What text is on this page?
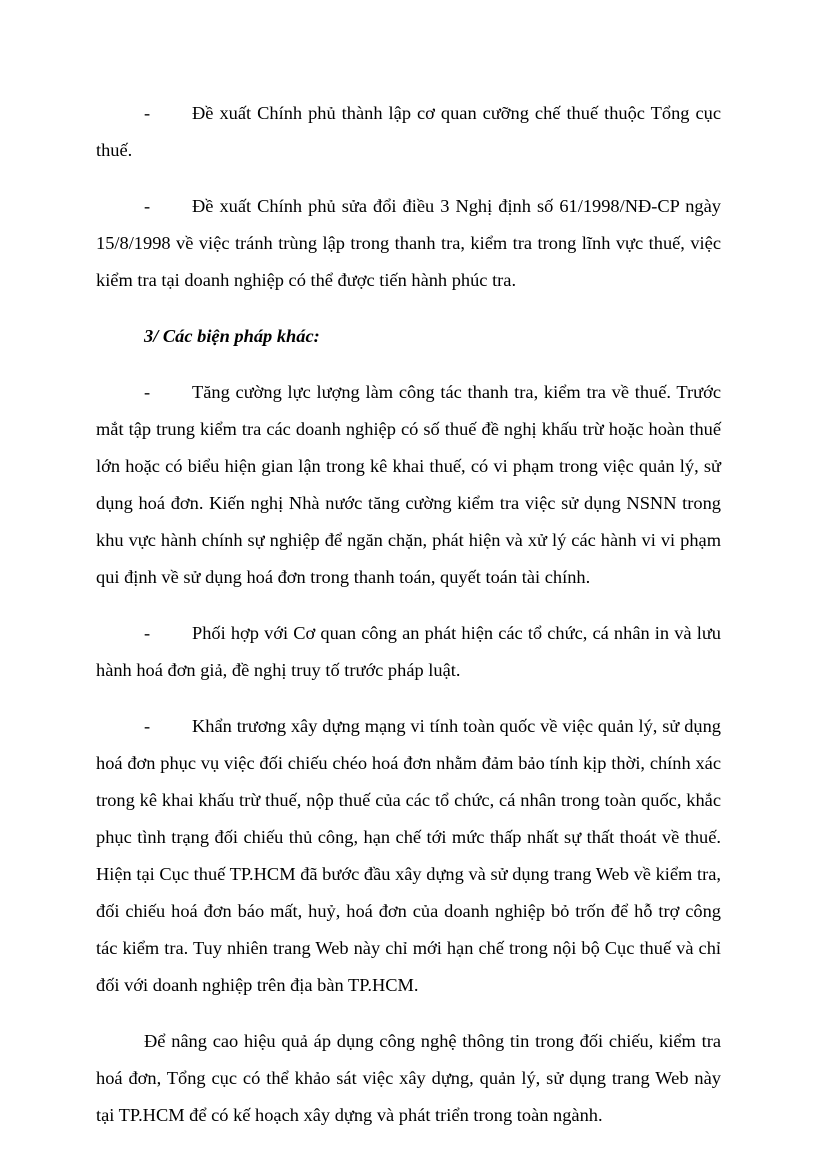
- Đề xuất Chính phủ thành lập cơ quan cưỡng chế thuế thuộc Tổng cục thuế.

- Đề xuất Chính phủ sửa đổi điều 3 Nghị định số 61/1998/NĐ-CP ngày 15/8/1998 về việc tránh trùng lập trong thanh tra, kiểm tra trong lĩnh vực thuế, việc kiểm tra tại doanh nghiệp có thể được tiến hành phúc tra.

3/ Các biện pháp khác:

- Tăng cường lực lượng làm công tác thanh tra, kiểm tra về thuế. Trước mắt tập trung kiểm tra các doanh nghiệp có số thuế đề nghị khấu trừ hoặc hoàn thuế lớn hoặc có biểu hiện gian lận trong kê khai thuế, có vi phạm trong việc quản lý, sử dụng hoá đơn. Kiến nghị Nhà nước tăng cường kiểm tra việc sử dụng NSNN trong khu vực hành chính sự nghiệp để ngăn chặn, phát hiện và xử lý các hành vi vi phạm qui định về sử dụng hoá đơn trong thanh toán, quyết toán tài chính.

- Phối hợp với Cơ quan công an phát hiện các tổ chức, cá nhân in và lưu hành hoá đơn giả, đề nghị truy tố trước pháp luật.

- Khẩn trương xây dựng mạng vi tính toàn quốc về việc quản lý, sử dụng hoá đơn phục vụ việc đối chiếu chéo hoá đơn nhằm đảm bảo tính kịp thời, chính xác trong kê khai khấu trừ thuế, nộp thuế của các tổ chức, cá nhân trong toàn quốc, khắc phục tình trạng đối chiếu thủ công, hạn chế tới mức thấp nhất sự thất thoát về thuế. Hiện tại Cục thuế TP.HCM đã bước đầu xây dựng và sử dụng trang Web về kiểm tra, đối chiếu hoá đơn báo mất, huỷ, hoá đơn của doanh nghiệp bỏ trốn để hỗ trợ công tác kiểm tra. Tuy nhiên trang Web này chỉ mới hạn chế trong nội bộ Cục thuế và chỉ đối với doanh nghiệp trên địa bàn TP.HCM.

Để nâng cao hiệu quả áp dụng công nghệ thông tin trong đối chiếu, kiểm tra hoá đơn, Tổng cục có thể khảo sát việc xây dựng, quản lý, sử dụng trang Web này tại TP.HCM để có kế hoạch xây dựng và phát triển trong toàn ngành.
